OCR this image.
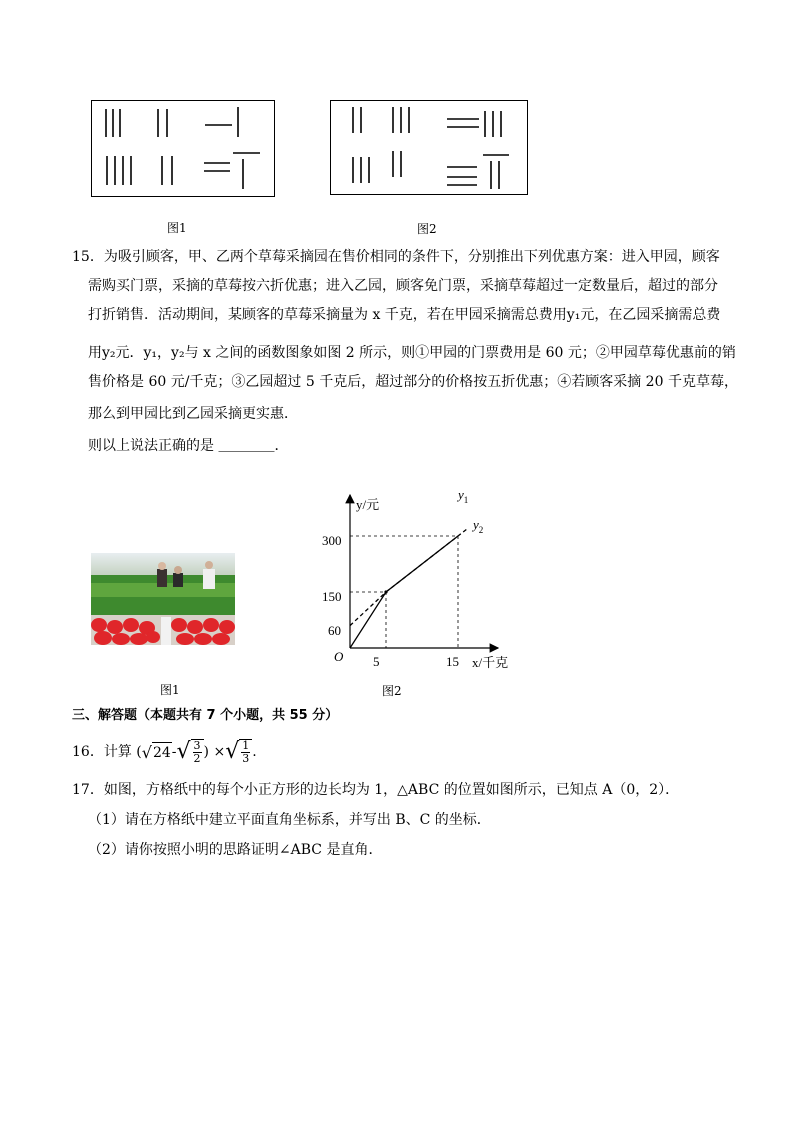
图1	图2
15．为吸引顾客，甲、乙两个草莓采摘园在售价相同的条件下，分别推出下列优惠方案：进入甲园，顾客
需购买门票，采摘的草莓按六折优惠；进入乙园，顾客免门票，采摘草莓超过一定数量后，超过的部分
打折销售．活动期间，某顾客的草莓采摘量为 x 千克，若在甲园采摘需总费用y₁元，在乙园采摘需总费
用y₂元．y₁，y₂与 x 之间的函数图象如图 2 所示，则①甲园的门票费用是 60 元；②甲园草莓优惠前的销
售价格是 60 元/千克；③乙园超过 5 千克后，超过部分的价格按五折优惠；④若顾客采摘 20 千克草莓，
那么到甲园比到乙园采摘更实惠．
则以上说法正确的是 ＿＿＿＿．
图1
O
y/元
x/千克
5	15
60
150
300
$y_1$
$y_2$
图2
三、解答题（本题共有 7 个小题，共 55 分）
16．计算 ( √ 24 - √ 3
2 ) × √ 1
3 .
17．如图，方格纸中的每个小正方形的边长均为 1，△ABC 的位置如图所示，已知点 A（0，2）．
（1）请在方格纸中建立平面直角坐标系，并写出 B、C 的坐标．
（2）请你按照小明的思路证明∠ABC 是直角．
